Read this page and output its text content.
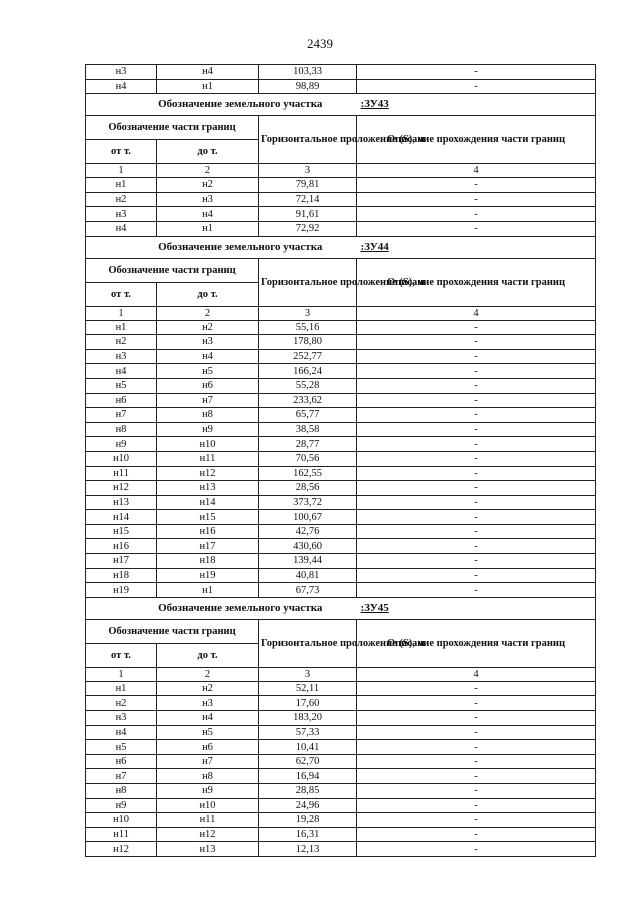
2439
н3	н4	103,33	-
н4	н1	98,89	-
Обозначение земельного участка			:ЗУ43
Обозначение части границ		Горизонтальное проложение (S), м	Описание прохождения части границ
от т.	до т.		
1	2	3	4
н1	н2	79,81	-
н2	н3	72,14	-
н3	н4	91,61	-
н4	н1	72,92	-
Обозначение земельного участка			:ЗУ44
Обозначение части границ		Горизонтальное проложение (S), м	Описание прохождения части границ
от т.	до т.		
1	2	3	4
н1	н2	55,16	-
н2	н3	178,80	-
н3	н4	252,77	-
н4	н5	166,24	-
н5	н6	55,28	-
н6	н7	233,62	-
н7	н8	65,77	-
н8	н9	38,58	-
н9	н10	28,77	-
н10	н11	70,56	-
н11	н12	162,55	-
н12	н13	28,56	-
н13	н14	373,72	-
н14	н15	100,67	-
н15	н16	42,76	-
н16	н17	430,60	-
н17	н18	139,44	-
н18	н19	40,81	-
н19	н1	67,73	-
Обозначение земельного участка			:ЗУ45
Обозначение части границ		Горизонтальное проложение (S), м	Описание прохождения части границ
от т.	до т.		
1	2	3	4
н1	н2	52,11	-
н2	н3	17,60	-
н3	н4	183,20	-
н4	н5	57,33	-
н5	н6	10,41	-
н6	н7	62,70	-
н7	н8	16,94	-
н8	н9	28,85	-
н9	н10	24,96	-
н10	н11	19,28	-
н11	н12	16,31	-
н12	н13	12,13	-
